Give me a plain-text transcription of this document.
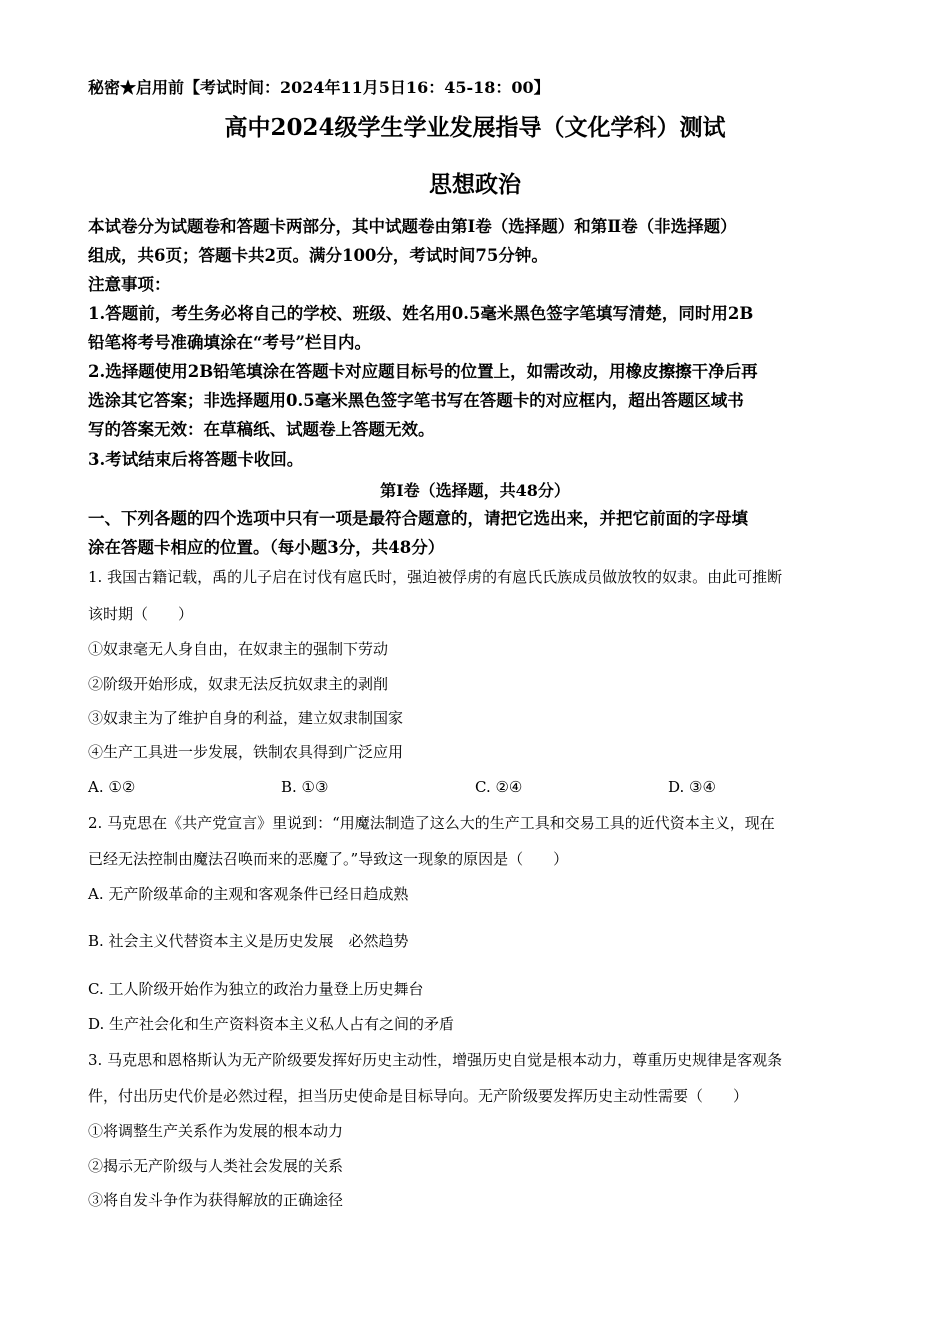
秘密★启用前【考试时间：2024年11月5日16：45-18：00】
高中2024级学生学业发展指导（文化学科）测试
思想政治
本试卷分为试题卷和答题卡两部分，其中试题卷由第Ⅰ卷（选择题）和第Ⅱ卷（非选择题）
组成，共6页；答题卡共2页。满分100分，考试时间75分钟。
注意事项：
1.答题前，考生务必将自己的学校、班级、姓名用0.5毫米黑色签字笔填写清楚，同时用2B
铅笔将考号准确填涂在“考号”栏目内。
2.选择题使用2B铅笔填涂在答题卡对应题目标号的位置上，如需改动，用橡皮擦擦干净后再
选涂其它答案；非选择题用0.5毫米黑色签字笔书写在答题卡的对应框内，超出答题区域书
写的答案无效：在草稿纸、试题卷上答题无效。
3.考试结束后将答题卡收回。
第Ⅰ卷（选择题，共48分）
一、下列各题的四个选项中只有一项是最符合题意的，请把它选出来，并把它前面的字母填
涂在答题卡相应的位置。（每小题3分，共48分）
1. 我国古籍记载，禹的儿子启在讨伐有扈氏时，强迫被俘虏的有扈氏氏族成员做放牧的奴隶。由此可推断
该时期（　　）
①奴隶毫无人身自由，在奴隶主的强制下劳动
②阶级开始形成，奴隶无法反抗奴隶主的剥削
③奴隶主为了维护自身的利益，建立奴隶制国家
④生产工具进一步发展，铁制农具得到广泛应用
A. ①②	B. ①③	C. ②④	D. ③④
2. 马克思在《共产党宣言》里说到：“用魔法制造了这么大的生产工具和交易工具的近代资本主义，现在
已经无法控制由魔法召唤而来的恶魔了。”导致这一现象的原因是（　　）
A. 无产阶级革命的主观和客观条件已经日趋成熟
B. 社会主义代替资本主义是历史发展　必然趋势
C. 工人阶级开始作为独立的政治力量登上历史舞台
D. 生产社会化和生产资料资本主义私人占有之间的矛盾
3. 马克思和恩格斯认为无产阶级要发挥好历史主动性，增强历史自觉是根本动力，尊重历史规律是客观条
件，付出历史代价是必然过程，担当历史使命是目标导向。无产阶级要发挥历史主动性需要（　　）
①将调整生产关系作为发展的根本动力
②揭示无产阶级与人类社会发展的关系
③将自发斗争作为获得解放的正确途径
